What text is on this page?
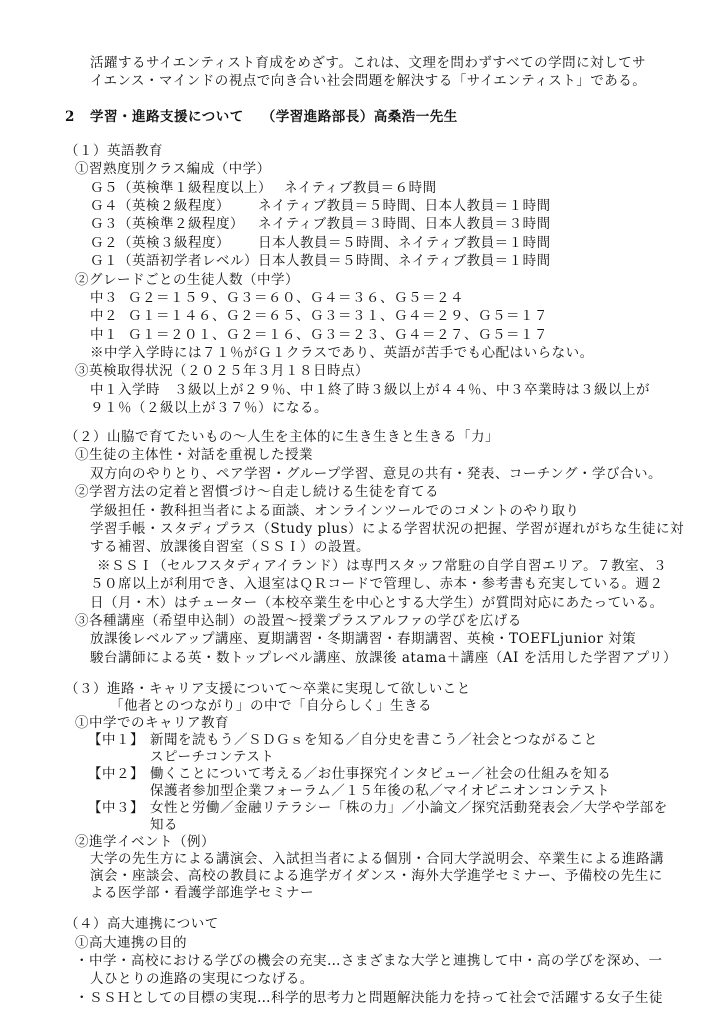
活躍するサイエンティスト育成をめざす。これは、文理を問わずすべての学問に対してサ
イエンス・マインドの視点で向き合い社会問題を解決する「サイエンティスト」である。
2 学習・進路支援について （学習進路部長）高桑浩一先生
（１）英語教育
①習熟度別クラス編成（中学）
Ｇ５（英検準１級程度以上） ネイティブ教員＝６時間
Ｇ４（英検２級程度） ネイティブ教員＝５時間、日本人教員＝１時間
Ｇ３（英検準２級程度） ネイティブ教員＝３時間、日本人教員＝３時間
Ｇ２（英検３級程度） 日本人教員＝５時間、ネイティブ教員＝１時間
Ｇ１（英語初学者レベル）日本人教員＝５時間、ネイティブ教員＝１時間
②グレードごとの生徒人数（中学）
中３ Ｇ２＝１５９、Ｇ３＝６０、Ｇ４＝３６、Ｇ５＝２４
中２ Ｇ１＝１４６、Ｇ２＝６５、Ｇ３＝３１、Ｇ４＝２９、Ｇ５＝１７
中１ Ｇ１＝２０１、Ｇ２＝１６、Ｇ３＝２３、Ｇ４＝２７、Ｇ５＝１７
※中学入学時には７１％がＧ１クラスであり、英語が苦手でも心配はいらない。
③英検取得状況（２０２５年３月１８日時点）
中１入学時　３級以上が２９％、中１終了時３級以上が４４％、中３卒業時は３級以上が
９１％（２級以上が３７％）になる。
（２）山脇で育てたいもの～人生を主体的に生き生きと生きる「力」
①生徒の主体性・対話を重視した授業
双方向のやりとり、ペア学習・グループ学習、意見の共有・発表、コーチング・学び合い。
②学習方法の定着と習慣づけ～自走し続ける生徒を育てる
学級担任・教科担当者による面談、オンラインツールでのコメントのやり取り
学習手帳・スタディプラス（Study plus）による学習状況の把握、学習が遅れがちな生徒に対
する補習、放課後自習室（ＳＳＩ）の設置。
※ＳＳＩ（セルフスタディアイランド）は専門スタッフ常駐の自学自習エリア。７教室、３
５０席以上が利用でき、入退室はＱＲコードで管理し、赤本・参考書も充実している。週２
日（月・木）はチューター（本校卒業生を中心とする大学生）が質問対応にあたっている。
③各種講座（希望申込制）の設置～授業プラスアルファの学びを広げる
放課後レベルアップ講座、夏期講習・冬期講習・春期講習、英検・TOEFLjunior 対策
駿台講師による英・数トップレベル講座、放課後 atama＋講座（AI を活用した学習アプリ）
（３）進路・キャリア支援について～卒業に実現して欲しいこと
「他者とのつながり」の中で「自分らしく」生きる
①中学でのキャリア教育
【中１】 新聞を読もう／ＳＤＧｓを知る／自分史を書こう／社会とつながること
スピーチコンテスト
【中２】 働くことについて考える／お仕事探究インタビュー／社会の仕組みを知る
保護者参加型企業フォーラム／１５年後の私／マイオピニオンコンテスト
【中３】 女性と労働／金融リテラシー「株の力」／小論文／探究活動発表会／大学や学部を
知る
②進学イベント（例）
大学の先生方による講演会、入試担当者による個別・合同大学説明会、卒業生による進路講
演会・座談会、高校の教員による進学ガイダンス・海外大学進学セミナー、予備校の先生に
よる医学部・看護学部進学セミナー
（４）高大連携について
①高大連携の目的
・中学・高校における学びの機会の充実…さまざまな大学と連携して中・高の学びを深め、一
人ひとりの進路の実現につなげる。
・ＳＳＨとしての目標の実現…科学的思考力と問題解決能力を持って社会で活躍する女子生徒
